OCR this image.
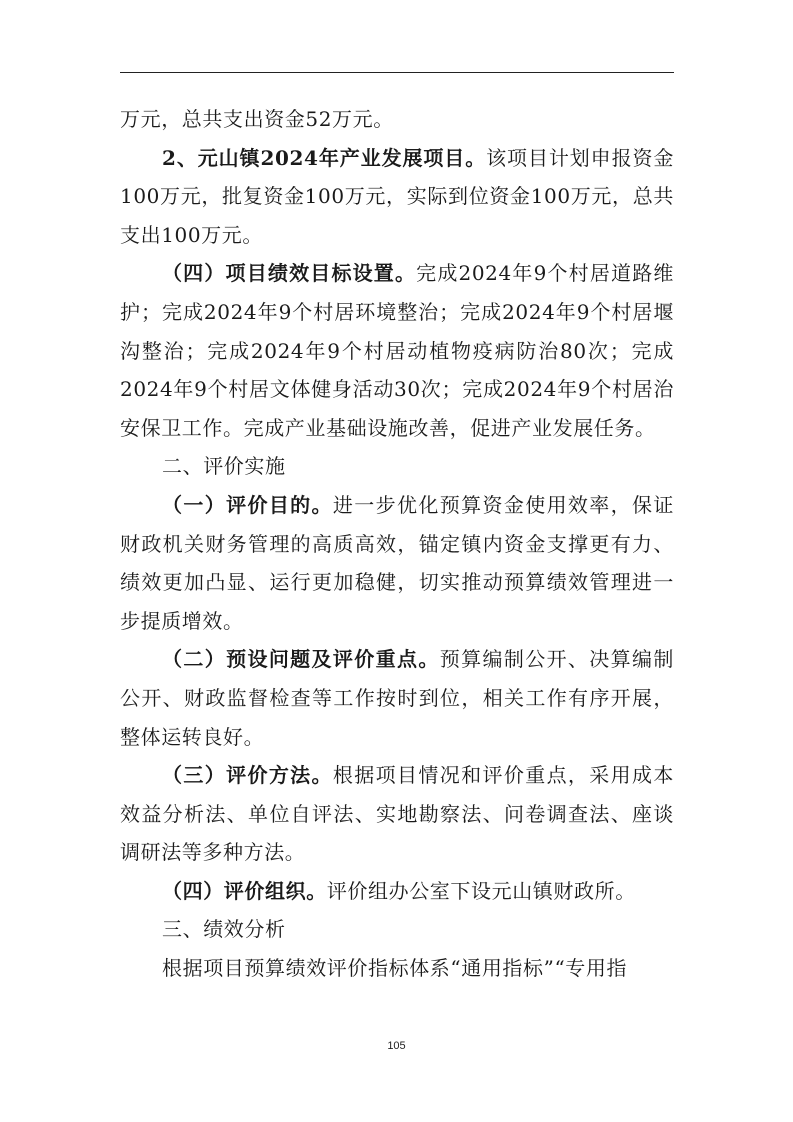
万元，总共支出资金52万元。

2、元山镇2024年产业发展项目。该项目计划申报资金100万元，批复资金100万元，实际到位资金100万元，总共支出100万元。

（四）项目绩效目标设置。完成2024年9个村居道路维护；完成2024年9个村居环境整治；完成2024年9个村居堰沟整治；完成2024年9个村居动植物疫病防治80次；完成2024年9个村居文体健身活动30次；完成2024年9个村居治安保卫工作。完成产业基础设施改善，促进产业发展任务。

二、评价实施

（一）评价目的。进一步优化预算资金使用效率，保证财政机关财务管理的高质高效，锚定镇内资金支撑更有力、绩效更加凸显、运行更加稳健，切实推动预算绩效管理进一步提质增效。

（二）预设问题及评价重点。预算编制公开、决算编制公开、财政监督检查等工作按时到位，相关工作有序开展，整体运转良好。

（三）评价方法。根据项目情况和评价重点，采用成本效益分析法、单位自评法、实地勘察法、问卷调查法、座谈调研法等多种方法。

（四）评价组织。评价组办公室下设元山镇财政所。

三、绩效分析

根据项目预算绩效评价指标体系“通用指标”“专用指

105
